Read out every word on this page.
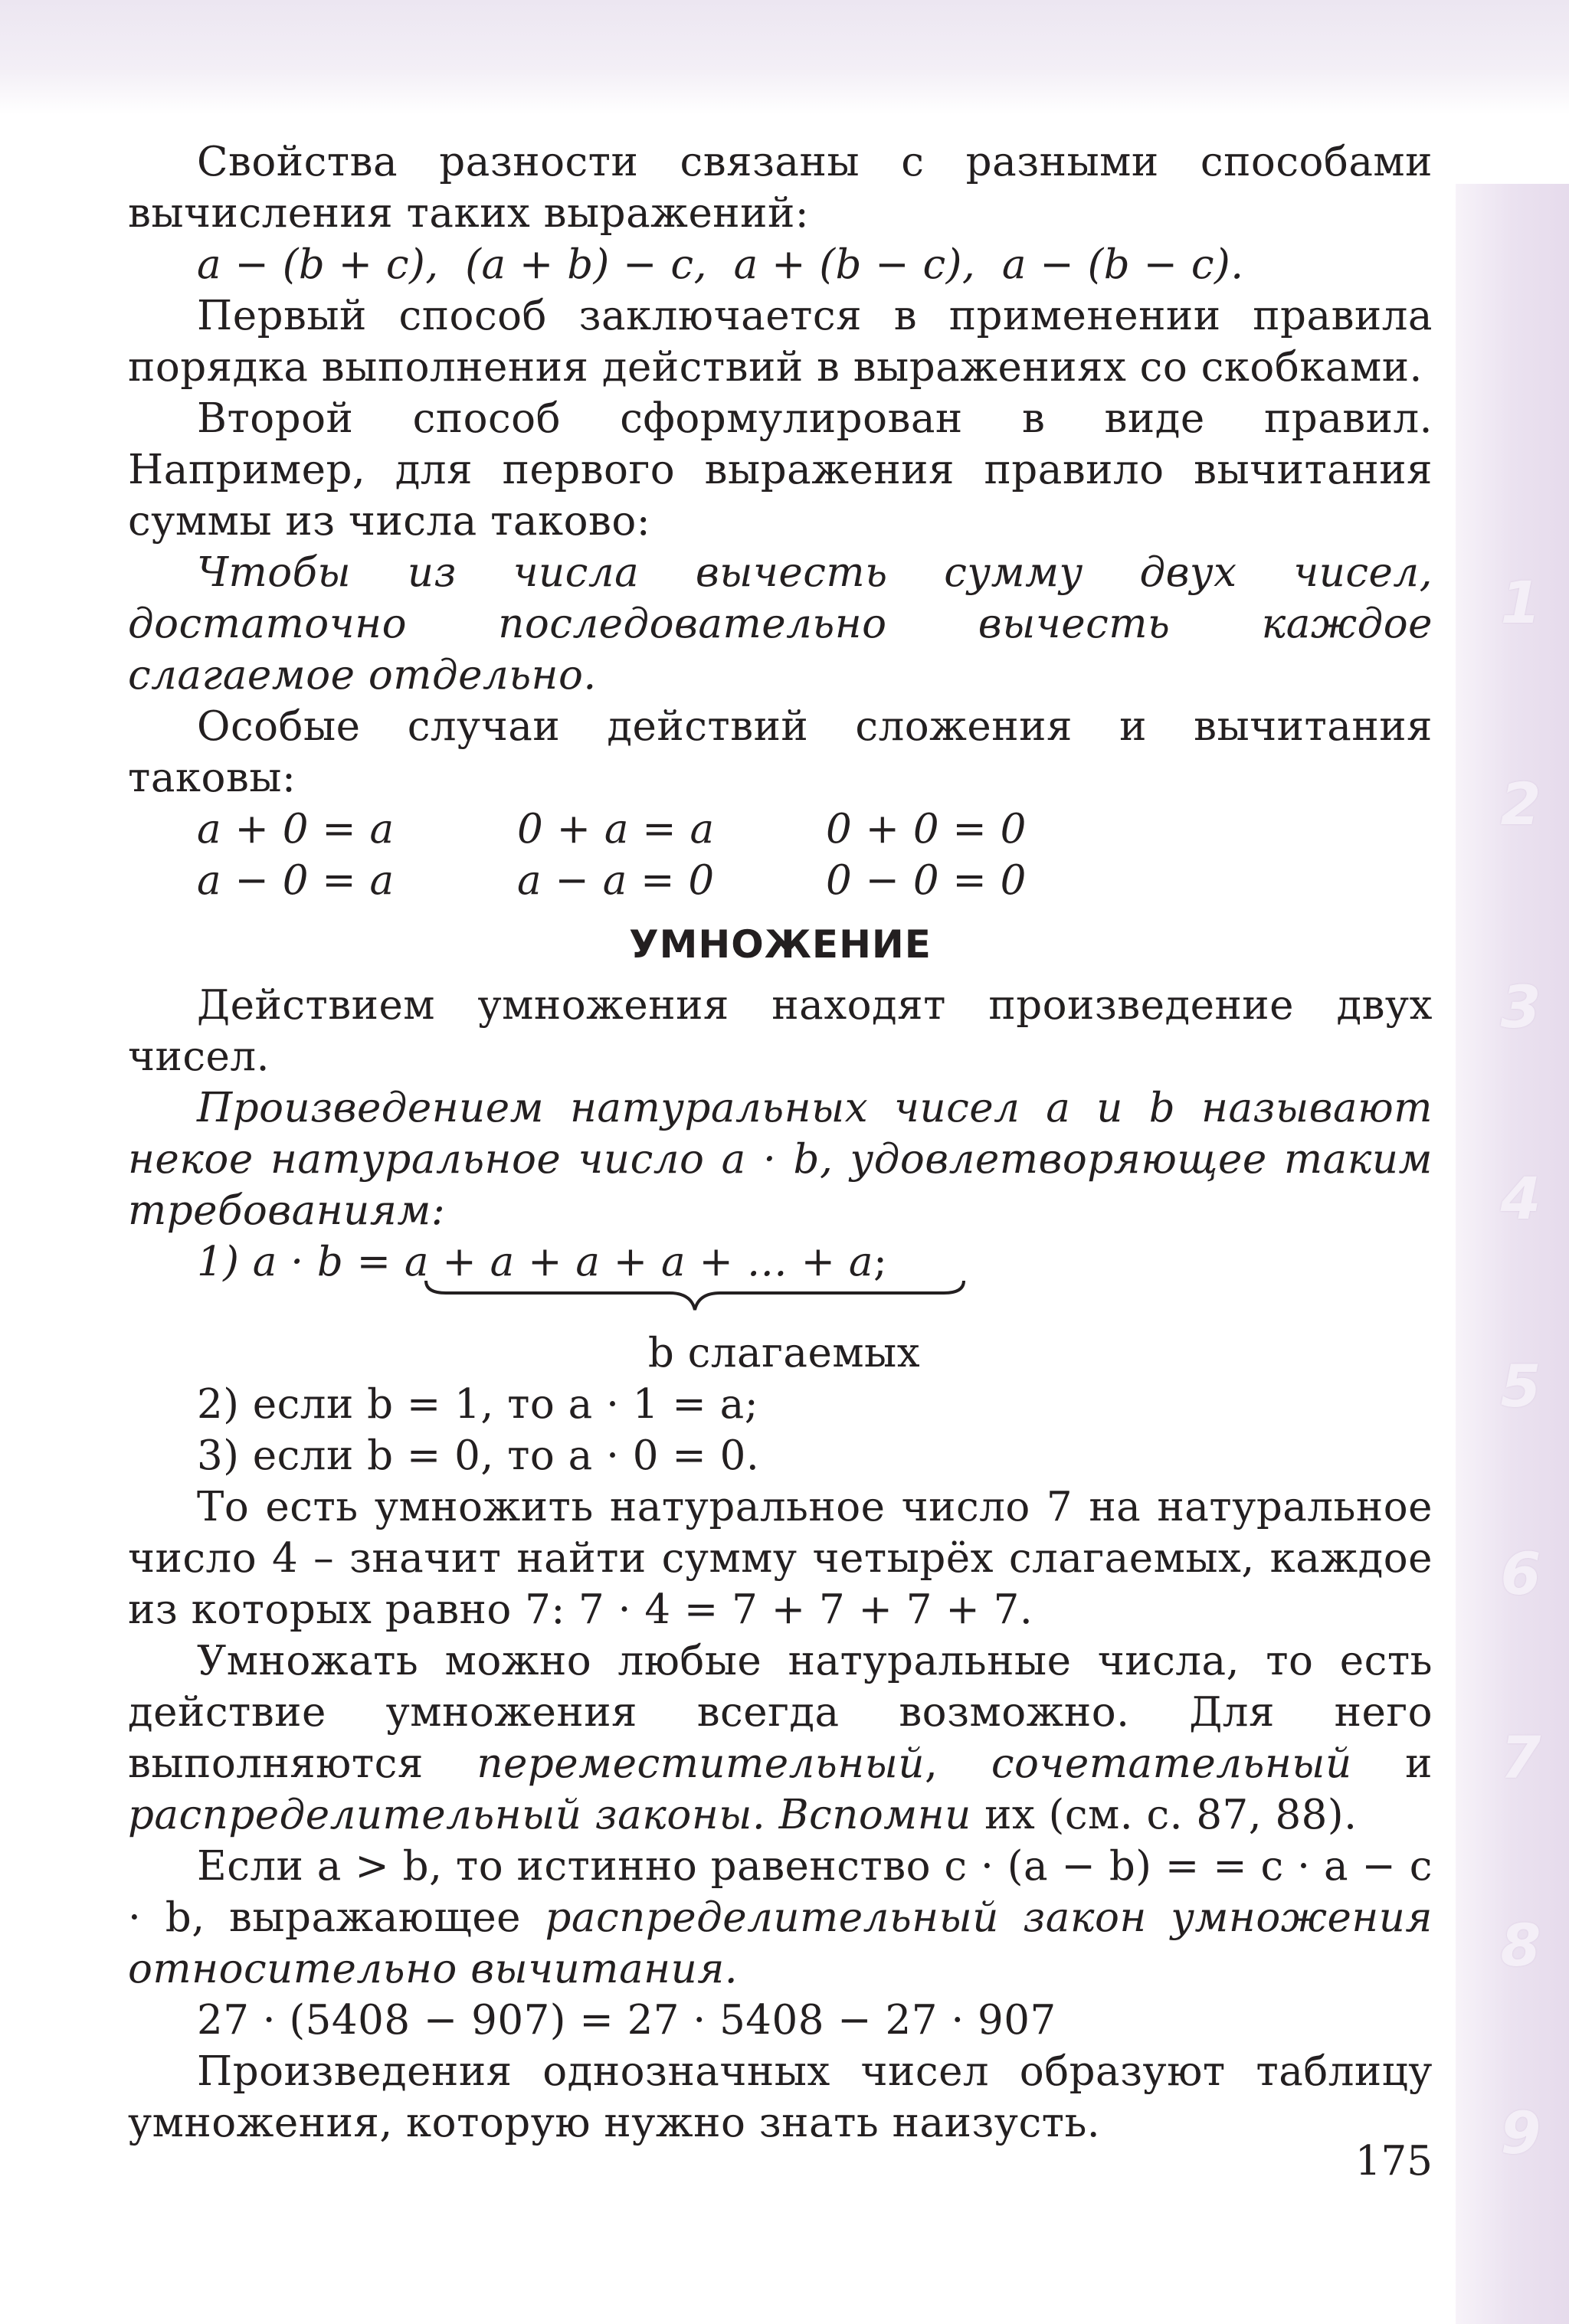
1
2
3
4
5
6
7
8
9

Свойства разности связаны с разными способами вычисления таких выражений:

a − (b + c),  (a + b) − c,  a + (b − c),  a − (b − c).

Первый способ заключается в применении правила порядка выполнения действий в выражениях со скобками.

Второй способ сформулирован в виде правил. Например, для первого выражения правило вычитания суммы из числа таково:

Чтобы из числа вычесть сумму двух чисел, достаточно последовательно вычесть каждое слагаемое отдельно.

Особые случаи действий сложения и вычитания таковы:

a + 0 = a	0 + a = a	0 + 0 = 0
a − 0 = a	a − a = 0	0 − 0 = 0
УМНОЖЕНИЕ

Действием умножения находят произведение двух чисел.

Произведением натуральных чисел a и b называют некое натуральное число a · b, удовлетворяющее таким требованиям:

1) a · b = a + a + a + a + … + a;

b слагаемых
2) если b = 1, то a · 1 = a;
3) если b = 0, то a · 0 = 0.

То есть умножить натуральное число 7 на натуральное число 4 – значит найти сумму четырёх слагаемых, каждое из которых равно 7: 7 · 4 = 7 + 7 + 7 + 7.

Умножать можно любые натуральные числа, то есть действие умножения всегда возможно. Для него выполняются переместительный, сочетательный и распределительный законы. Вспомни их (см. с. 87, 88).

Если a > b, то истинно равенство c · (a − b) = = c · a − c · b, выражающее распределительный закон умножения относительно вычитания.

27 · (5408 − 907) = 27 · 5408 − 27 · 907

Произведения однозначных чисел образуют таблицу умножения, которую нужно знать наизусть.

175
